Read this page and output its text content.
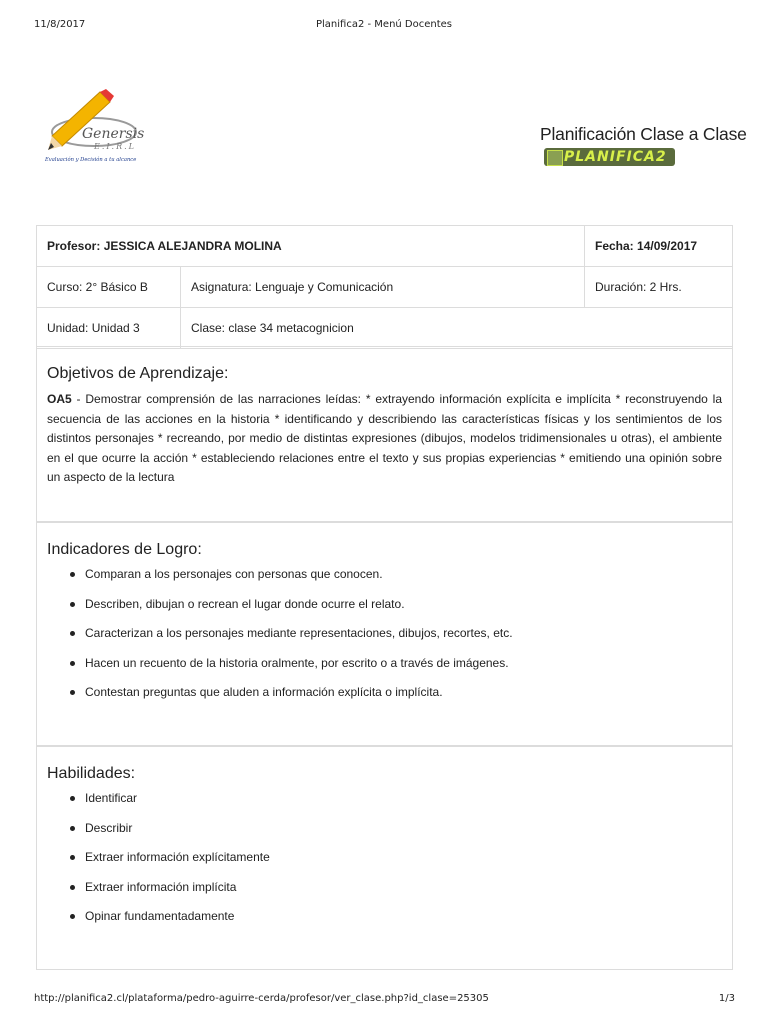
11/8/2017	Planifica2 - Menú Docentes
Genersis
E.I.R.L
Evaluación y Decisión a tu alcance
Planificación Clase a Clase
PLANIFICA2
Profesor: JESSICA ALEJANDRA MOLINA		Fecha: 14/09/2017
Curso: 2° Básico B	Asignatura: Lenguaje y Comunicación	Duración: 2 Hrs.
Unidad: Unidad 3	Clase: clase 34 metacognicion	
Objetivos de Aprendizaje:

OA5 - Demostrar comprensión de las narraciones leídas: * extrayendo información explícita e implícita * reconstruyendo la secuencia de las acciones en la historia * identificando y describiendo las características físicas y los sentimientos de los distintos personajes * recreando, por medio de distintas expresiones (dibujos, modelos tridimensionales u otras), el ambiente en el que ocurre la acción * estableciendo relaciones entre el texto y sus propias experiencias * emitiendo una opinión sobre un aspecto de la lectura

Indicadores de Logro:
Comparan a los personajes con personas que conocen.
Describen, dibujan o recrean el lugar donde ocurre el relato.
Caracterizan a los personajes mediante representaciones, dibujos, recortes, etc.
Hacen un recuento de la historia oralmente, por escrito o a través de imágenes.
Contestan preguntas que aluden a información explícita o implícita.
Habilidades:
Identificar
Describir
Extraer información explícitamente
Extraer información implícita
Opinar fundamentadamente
http://planifica2.cl/plataforma/pedro-aguirre-cerda/profesor/ver_clase.php?id_clase=25305	1/3
